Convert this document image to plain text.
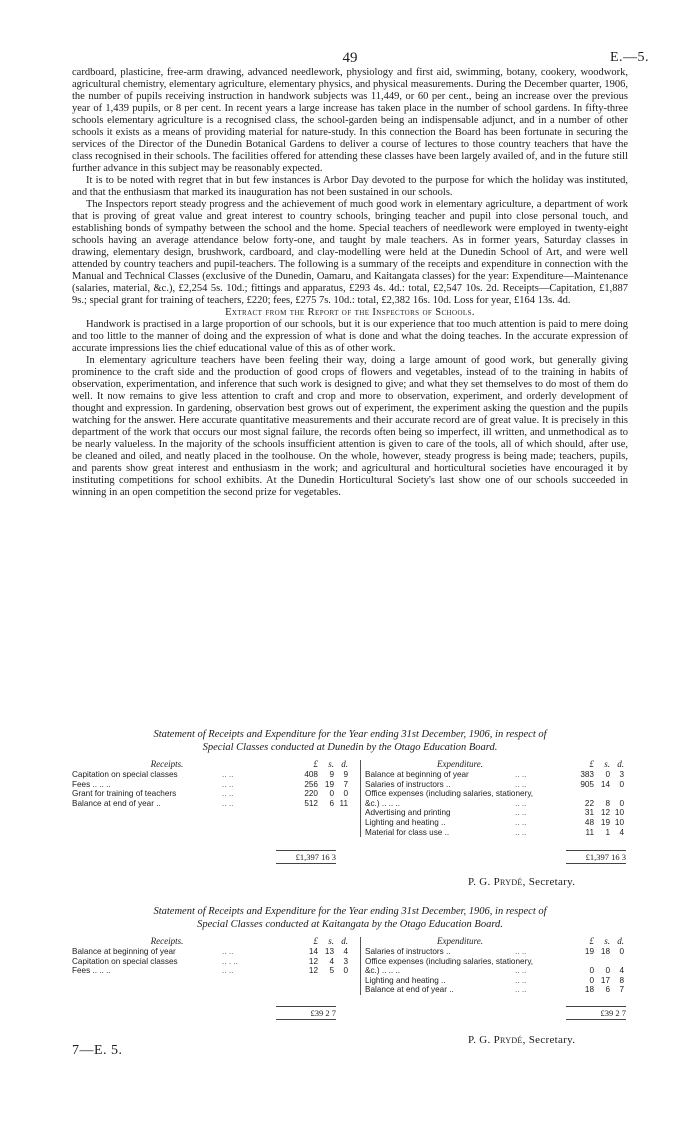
49	E.—5.

cardboard, plasticine, free-arm drawing, advanced needlework, physiology and first aid, swimming, botany, cookery, woodwork, agricultural chemistry, elementary agriculture, elementary physics, and physical measurements. During the December quarter, 1906, the number of pupils receiving instruction in handwork subjects was 11,449, or 60 per cent., being an increase over the previous year of 1,439 pupils, or 8 per cent. In recent years a large increase has taken place in the number of school gardens. In fifty-three schools elementary agriculture is a recognised class, the school-garden being an indispensable adjunct, and in a number of other schools it exists as a means of providing material for nature-study. In this connection the Board has been fortunate in securing the services of the Director of the Dunedin Botanical Gardens to deliver a course of lectures to those country teachers that have the class recognised in their schools. The facilities offered for attending these classes have been largely availed of, and in the future still further advance in this subject may be reasonably expected.

It is to be noted with regret that in but few instances is Arbor Day devoted to the purpose for which the holiday was instituted, and that the enthusiasm that marked its inauguration has not been sustained in our schools.

The Inspectors report steady progress and the achievement of much good work in elementary agriculture, a department of work that is proving of great value and great interest to country schools, bringing teacher and pupil into close personal touch, and establishing bonds of sympathy between the school and the home. Special teachers of needlework were employed in twenty-eight schools having an average attendance below forty-one, and taught by male teachers. As in former years, Saturday classes in drawing, elementary design, brushwork, cardboard, and clay-modelling were held at the Dunedin School of Art, and were well attended by country teachers and pupil-teachers. The following is a summary of the receipts and expenditure in connection with the Manual and Technical Classes (exclusive of the Dunedin, Oamaru, and Kaitangata classes) for the year: Expenditure—Maintenance (salaries, material, &c.), £2,254 5s. 10d.; fittings and apparatus, £293 4s. 4d.: total, £2,547 10s. 2d. Receipts—Capitation, £1,887 9s.; special grant for training of teachers, £220; fees, £275 7s. 10d.: total, £2,382 16s. 10d. Loss for year, £164 13s. 4d.

Extract from the Report of the Inspectors of Schools.

Handwork is practised in a large proportion of our schools, but it is our experience that too much attention is paid to mere doing and too little to the manner of doing and the expression of what is done and what the doing teaches. In the accurate expression of accurate impressions lies the chief educational value of this as of other work.

In elementary agriculture teachers have been feeling their way, doing a large amount of good work, but generally giving prominence to the craft side and the production of good crops of flowers and vegetables, instead of to the training in habits of observation, experimentation, and inference that such work is designed to give; and what they set themselves to do most of them do well. It now remains to give less attention to craft and crop and more to observation, experiment, and orderly development of thought and expression. In gardening, observation best grows out of experiment, the experiment asking the question and the pupils watching for the answer. Here accurate quantitative measurements and their accurate record are of great value. It is precisely in this department of the work that occurs our most signal failure, the records often being so imperfect, ill written, and unmethodical as to be nearly valueless. In the majority of the schools insufficient attention is given to care of the tools, all of which should, after use, be cleaned and oiled, and neatly placed in the toolhouse. On the whole, however, steady progress is being made; teachers, pupils, and parents show great interest and enthusiasm in the work; and agricultural and horticultural societies have encouraged it by instituting competitions for school exhibits. At the Dunedin Horticultural Society's last show one of our schools succeeded in winning in an open competition the second prize for vegetables.

Statement of Receipts and Expenditure for the Year ending 31st December, 1906, in respect of
Special Classes conducted at Dunedin by the Otago Education Board.
Receipts.	£ s. d.
Capitation on special classes	.. ..	408 9 9
Fees .. .. ..	.. ..	256 19 7
Grant for training of teachers	.. ..	220 0 0
Balance at end of year ..	.. ..	512 6 11
Expenditure.	£ s. d.
Balance at beginning of year	.. ..	383 0 3
Salaries of instructors ..	.. ..	905 14 0
Office expenses (including salaries, stationery,
&c.) .. .. ..	.. ..	22 8 0
Advertising and printing	.. ..	31 12 10
Lighting and heating ..	.. ..	48 19 10
Material for class use ..	.. ..	11 1 4
£1,397 16 3	£1,397 16 3
P. G. Prydé, Secretary.
Statement of Receipts and Expenditure for the Year ending 31st December, 1906, in respect of
Special Classes conducted at Kaitangata by the Otago Education Board.
Receipts.	£ s. d.
Balance at beginning of year	.. ..	14 13 4
Capitation on special classes	.. . ..	12 4 3
Fees .. .. ..	.. ..	12 5 0
Expenditure.	£ s. d.
Salaries of instructors ..	.. ..	19 18 0
Office expenses (including salaries, stationery,
&c.) .. .. ..	.. ..	0 0 4
Lighting and heating ..	.. ..	0 17 8
Balance at end of year ..	.. ..	18 6 7
£39 2 7	£39 2 7
P. G. Prydé, Secretary.
7—E. 5.
